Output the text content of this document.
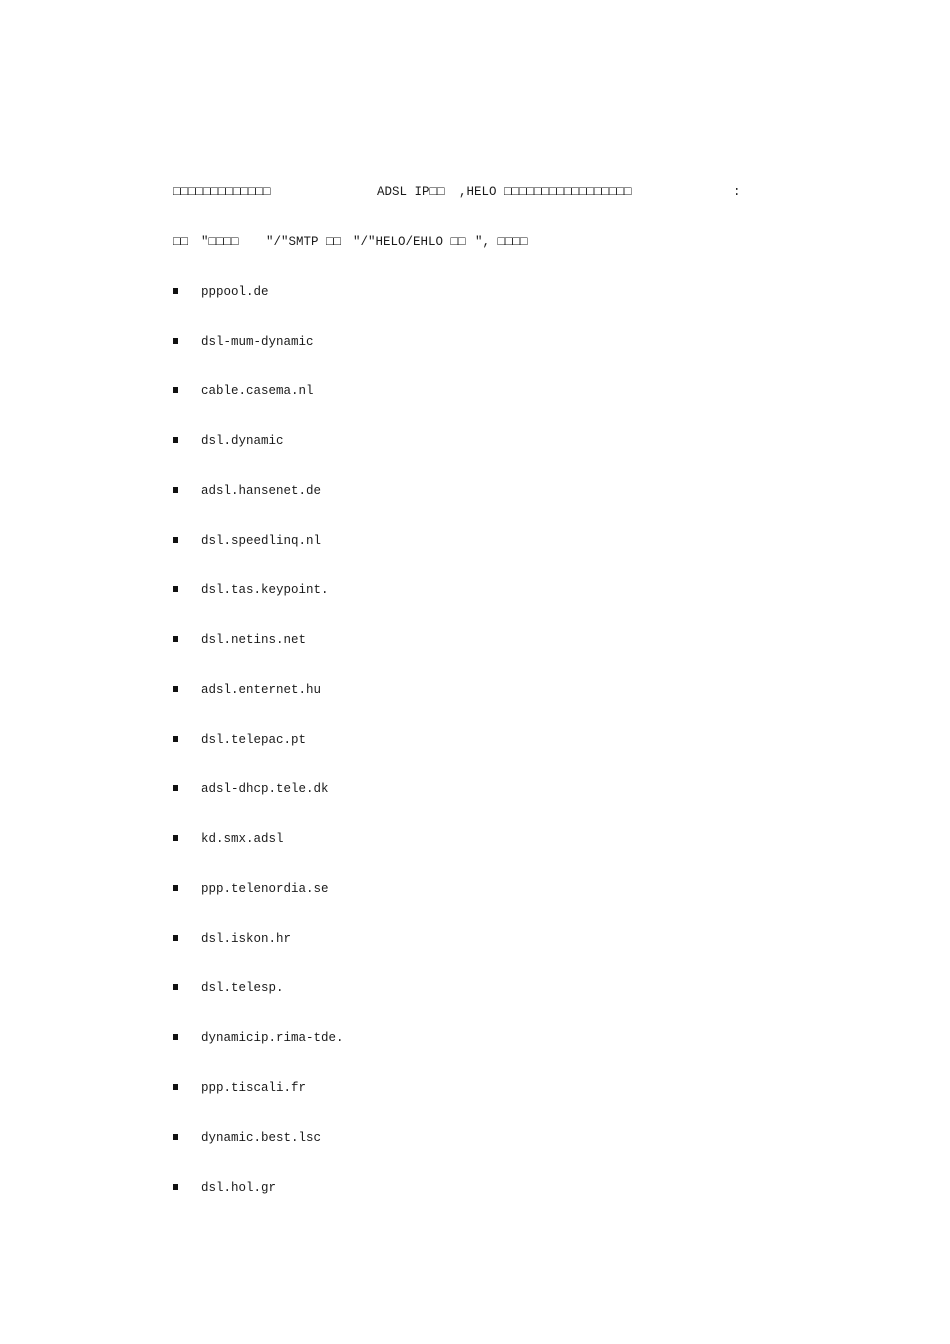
□□□□□□□□□□□□□

	ADSL IP□□

,HELO □□□□□□□□□□□□□□□□□

	:

□□

"□□□□

"/"SMTP □□

"/"HELO/EHLO □□

", □□□□

pppool.de
dsl-mum-dynamic
cable.casema.nl
dsl.dynamic
adsl.hansenet.de
dsl.speedlinq.nl
dsl.tas.keypoint.
dsl.netins.net
adsl.enternet.hu
dsl.telepac.pt
adsl-dhcp.tele.dk
kd.smx.adsl
ppp.telenordia.se
dsl.iskon.hr
dsl.telesp.
dynamicip.rima-tde.
ppp.tiscali.fr
dynamic.best.lsc
dsl.hol.gr
